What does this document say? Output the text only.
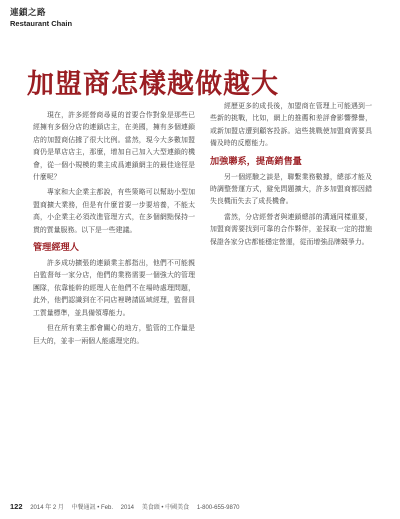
連鎖之路
Restaurant Chain
加盟商怎樣越做越大

現在，許多經營商尋覓的首要合作對象是那些已經擁有多個分店的連鎖店主，在美國，擁有多個連鎖店的加盟商佔據了很大比例。當然，現今大多數加盟商仍是單店店主，那麼，增加自己加入大型連鎖的機會，從一個小規模的業主成爲連鎖網主的最佳途徑是什麼呢？

專家和大企業主都說，有些策略可以幫助小型加盟商擴大業務，但是有什麼首要一步要培養，不能太高，小企業主必須改進管理方式，在多個網點保持一貫的質量服務。以下是一些建議。

管理經理人

許多成功擴張的連鎖業主都指出，他們不可能親自監督每一家分店，他們的業務需要一個強大的管理團隊，依靠能幹的經理人在他們不在場時處理問題，此外，他們認識到在不同店裡聘請區域經理，監督員工質量標準，並具備領導能力。

但在所有業主都會關心的地方，監管的工作量是巨大的，並非一兩個人能處理完的。

經歷更多的成長後，加盟商在管理上可能遇到一些新的挑戰，比如，網上的推薦和差評會影響聲譽，或新加盟店遭到顧客投訴。這些挑戰使加盟商需要具備及時的反應能力。

加強聯系，提高銷售量

另一個經驗之談是，聯繫業務數據，總部才能及時調整營運方式，避免問題擴大，許多加盟商都因錯失良機而失去了成長機會。

當然，分店經營者與連鎖總部的溝通同樣重要，加盟商需要找到可靠的合作夥伴，並採取一定的措施保證各家分店都能穩定營運，從而增強品牌競爭力。

122 2014 年 2 月 中餐通訊 • Feb. 2014 美食頭 • 中國美食 1-800-655-9870
